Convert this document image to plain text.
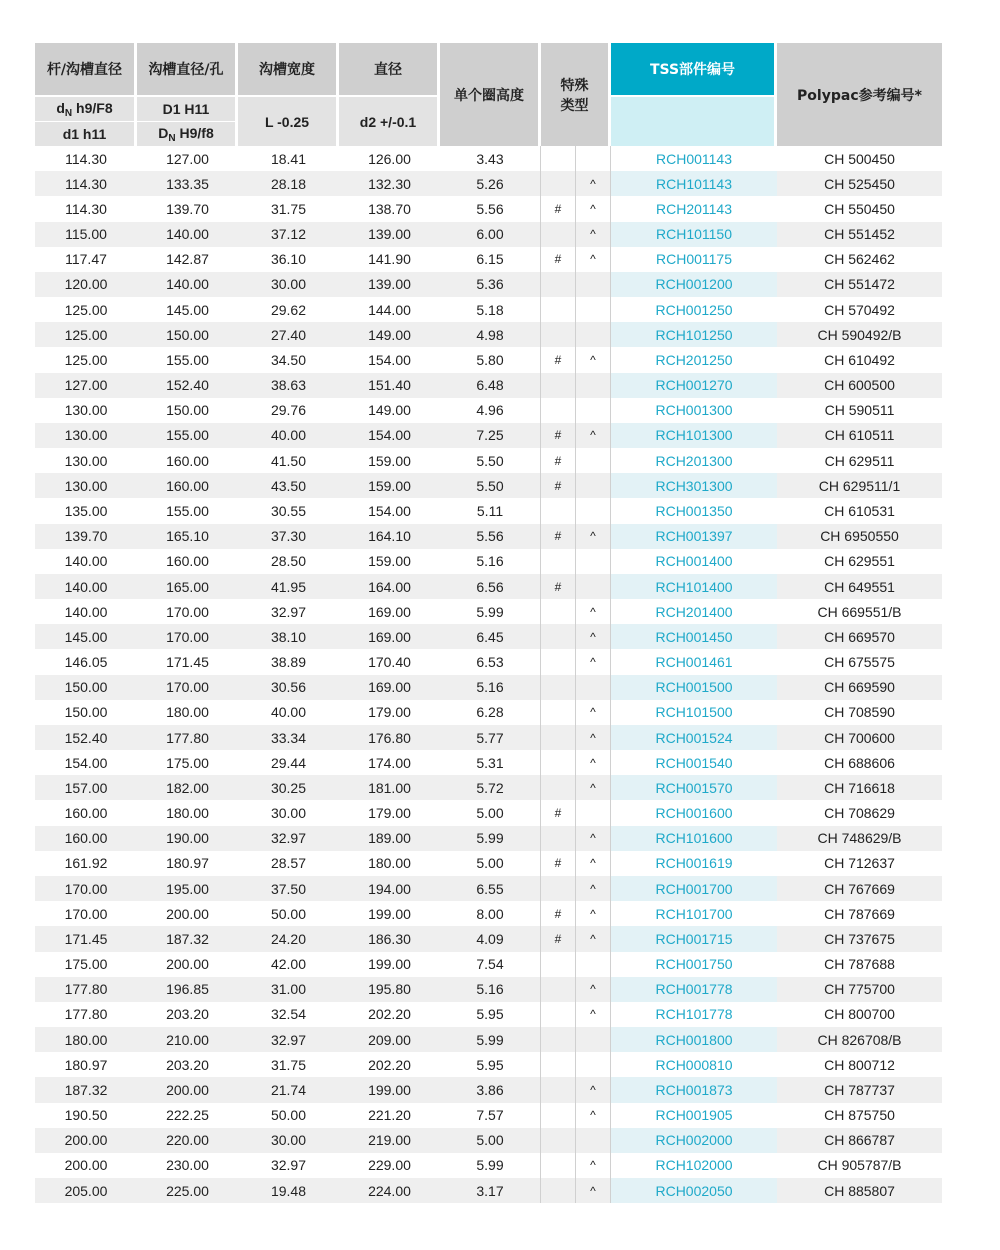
杆/沟槽直径	沟槽直径/孔	沟槽宽度	直径	单个圈高度	特殊
类型		TSS部件编号	Polypac参考编号*
$d_N$ h9/F8	D1 H11	L -0.25	d2 +/-0.1					
d1 h11	$D_N$ H9/f8							
114.30	127.00	18.41	126.00	3.43			RCH001143	CH 500450
114.30	133.35	28.18	132.30	5.26		^	RCH101143	CH 525450
114.30	139.70	31.75	138.70	5.56	#	^	RCH201143	CH 550450
115.00	140.00	37.12	139.00	6.00		^	RCH101150	CH 551452
117.47	142.87	36.10	141.90	6.15	#	^	RCH001175	CH 562462
120.00	140.00	30.00	139.00	5.36			RCH001200	CH 551472
125.00	145.00	29.62	144.00	5.18			RCH001250	CH 570492
125.00	150.00	27.40	149.00	4.98			RCH101250	CH 590492/B
125.00	155.00	34.50	154.00	5.80	#	^	RCH201250	CH 610492
127.00	152.40	38.63	151.40	6.48			RCH001270	CH 600500
130.00	150.00	29.76	149.00	4.96			RCH001300	CH 590511
130.00	155.00	40.00	154.00	7.25	#	^	RCH101300	CH 610511
130.00	160.00	41.50	159.00	5.50	#		RCH201300	CH 629511
130.00	160.00	43.50	159.00	5.50	#		RCH301300	CH 629511/1
135.00	155.00	30.55	154.00	5.11			RCH001350	CH 610531
139.70	165.10	37.30	164.10	5.56	#	^	RCH001397	CH 6950550
140.00	160.00	28.50	159.00	5.16			RCH001400	CH 629551
140.00	165.00	41.95	164.00	6.56	#		RCH101400	CH 649551
140.00	170.00	32.97	169.00	5.99		^	RCH201400	CH 669551/B
145.00	170.00	38.10	169.00	6.45		^	RCH001450	CH 669570
146.05	171.45	38.89	170.40	6.53		^	RCH001461	CH 675575
150.00	170.00	30.56	169.00	5.16			RCH001500	CH 669590
150.00	180.00	40.00	179.00	6.28		^	RCH101500	CH 708590
152.40	177.80	33.34	176.80	5.77		^	RCH001524	CH 700600
154.00	175.00	29.44	174.00	5.31		^	RCH001540	CH 688606
157.00	182.00	30.25	181.00	5.72		^	RCH001570	CH 716618
160.00	180.00	30.00	179.00	5.00	#		RCH001600	CH 708629
160.00	190.00	32.97	189.00	5.99		^	RCH101600	CH 748629/B
161.92	180.97	28.57	180.00	5.00	#	^	RCH001619	CH 712637
170.00	195.00	37.50	194.00	6.55		^	RCH001700	CH 767669
170.00	200.00	50.00	199.00	8.00	#	^	RCH101700	CH 787669
171.45	187.32	24.20	186.30	4.09	#	^	RCH001715	CH 737675
175.00	200.00	42.00	199.00	7.54			RCH001750	CH 787688
177.80	196.85	31.00	195.80	5.16		^	RCH001778	CH 775700
177.80	203.20	32.54	202.20	5.95		^	RCH101778	CH 800700
180.00	210.00	32.97	209.00	5.99			RCH001800	CH 826708/B
180.97	203.20	31.75	202.20	5.95			RCH000810	CH 800712
187.32	200.00	21.74	199.00	3.86		^	RCH001873	CH 787737
190.50	222.25	50.00	221.20	7.57		^	RCH001905	CH 875750
200.00	220.00	30.00	219.00	5.00			RCH002000	CH 866787
200.00	230.00	32.97	229.00	5.99		^	RCH102000	CH 905787/B
205.00	225.00	19.48	224.00	3.17		^	RCH002050	CH 885807
